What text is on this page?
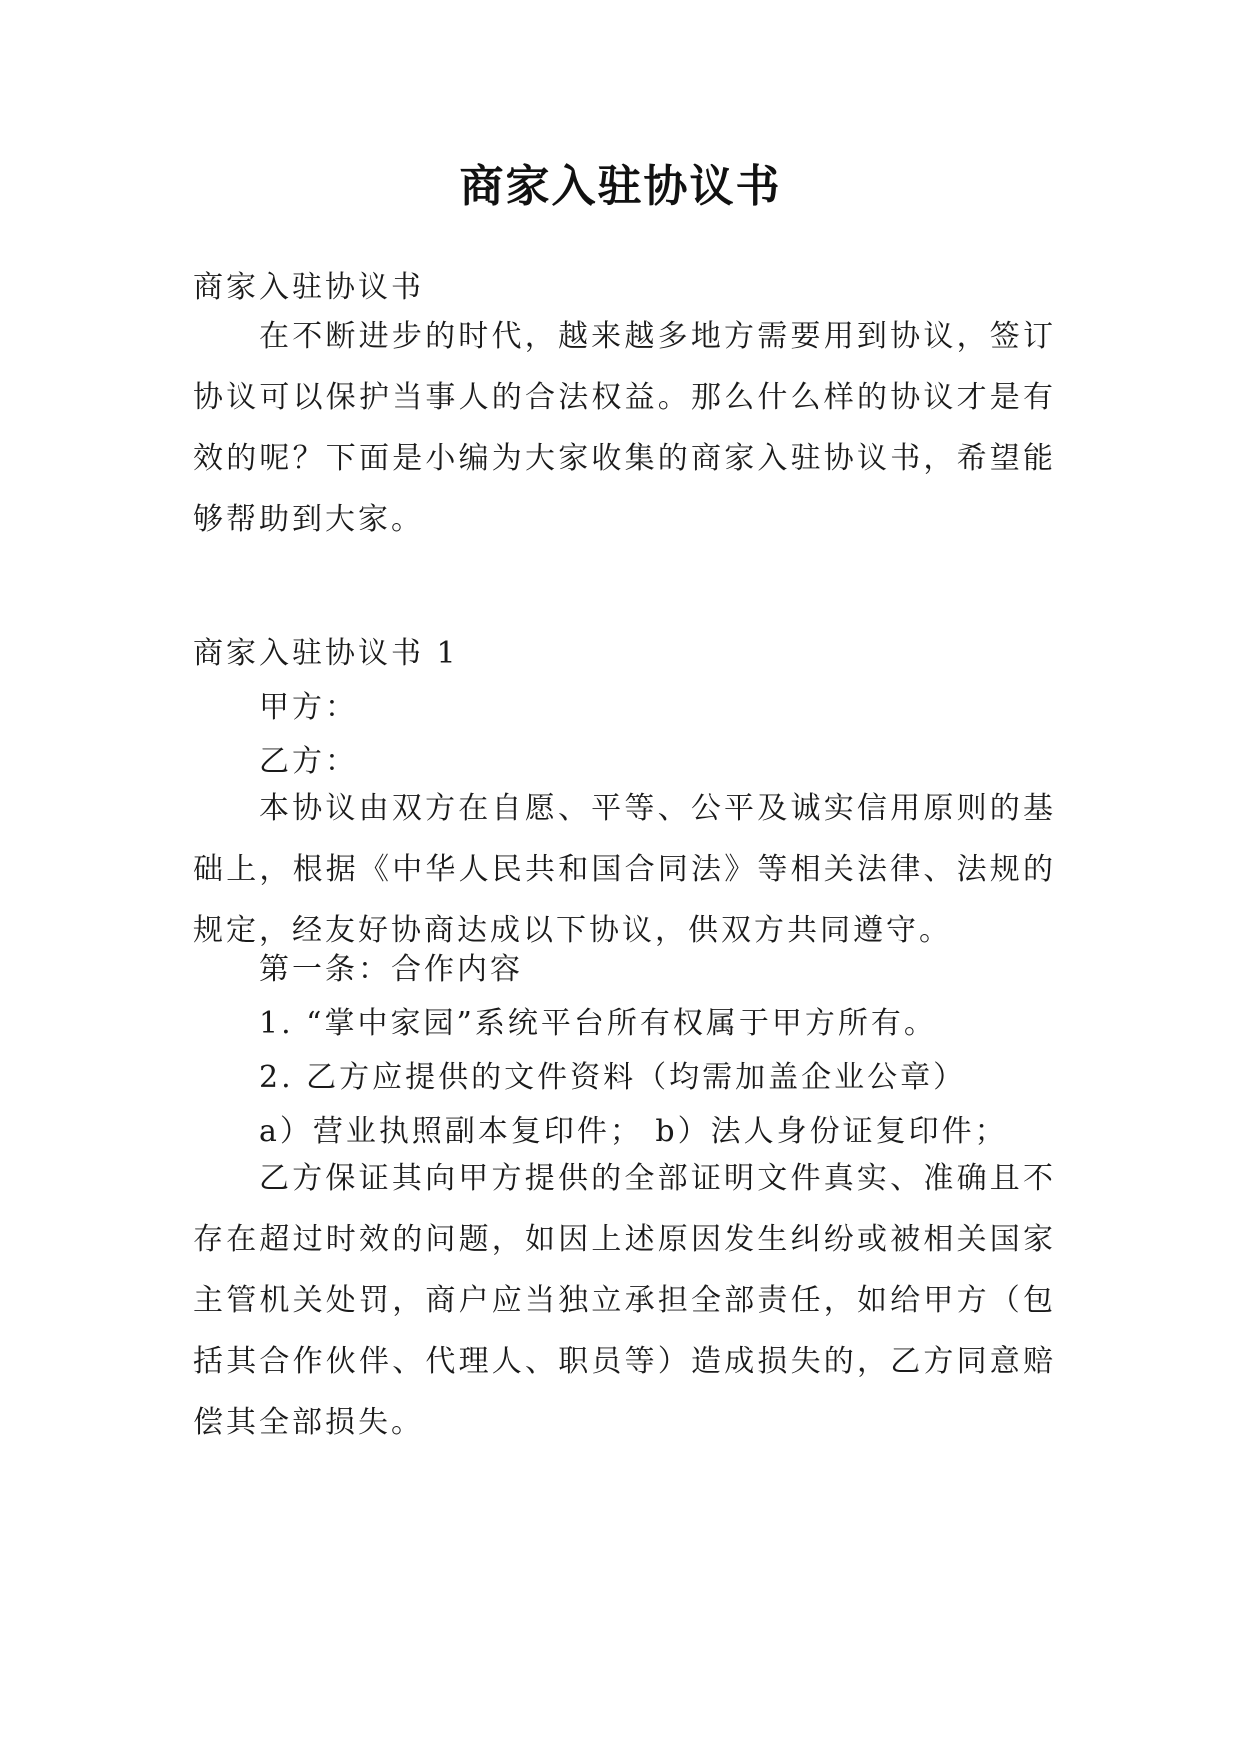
商家入驻协议书

商家入驻协议书

在不断进步的时代，越来越多地方需要用到协议，签订协议可以保护当事人的合法权益。那么什么样的协议才是有效的呢？下面是小编为大家收集的商家入驻协议书，希望能够帮助到大家。

商家入驻协议书 1

甲方：

乙方：

本协议由双方在自愿、平等、公平及诚实信用原则的基础上，根据《中华人民共和国合同法》等相关法律、法规的规定，经友好协商达成以下协议，供双方共同遵守。

第一条：合作内容

1. “掌中家园”系统平台所有权属于甲方所有。

2. 乙方应提供的文件资料（均需加盖企业公章）

a）营业执照副本复印件； b）法人身份证复印件；

乙方保证其向甲方提供的全部证明文件真实、准确且不存在超过时效的问题，如因上述原因发生纠纷或被相关国家主管机关处罚，商户应当独立承担全部责任，如给甲方（包括其合作伙伴、代理人、职员等）造成损失的，乙方同意赔偿其全部损失。
